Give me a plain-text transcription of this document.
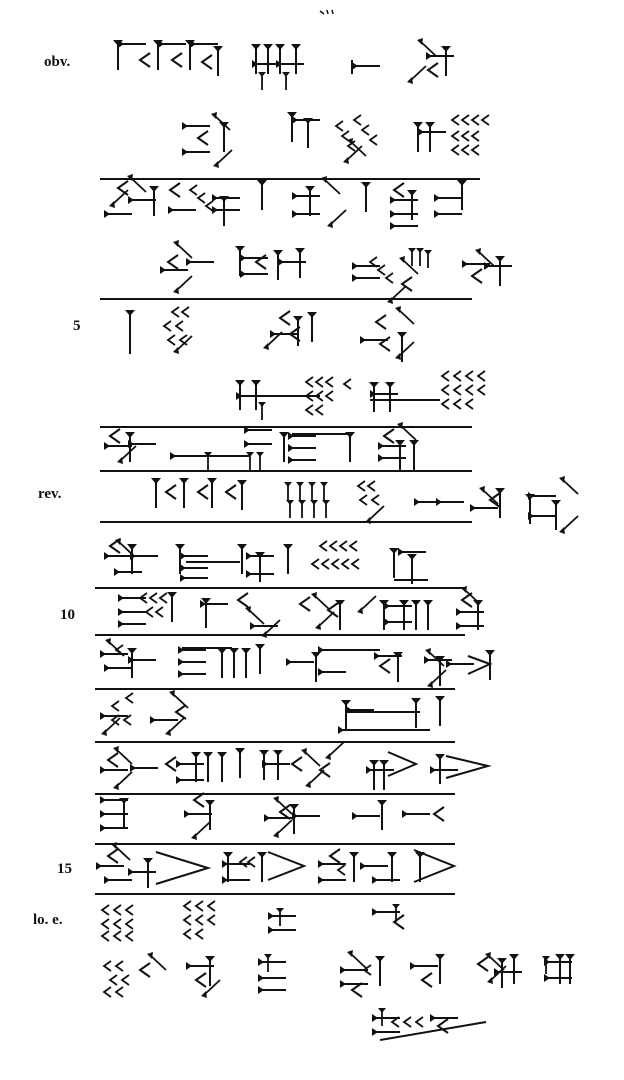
obv.
5
rev.
10
15
lo. e.
